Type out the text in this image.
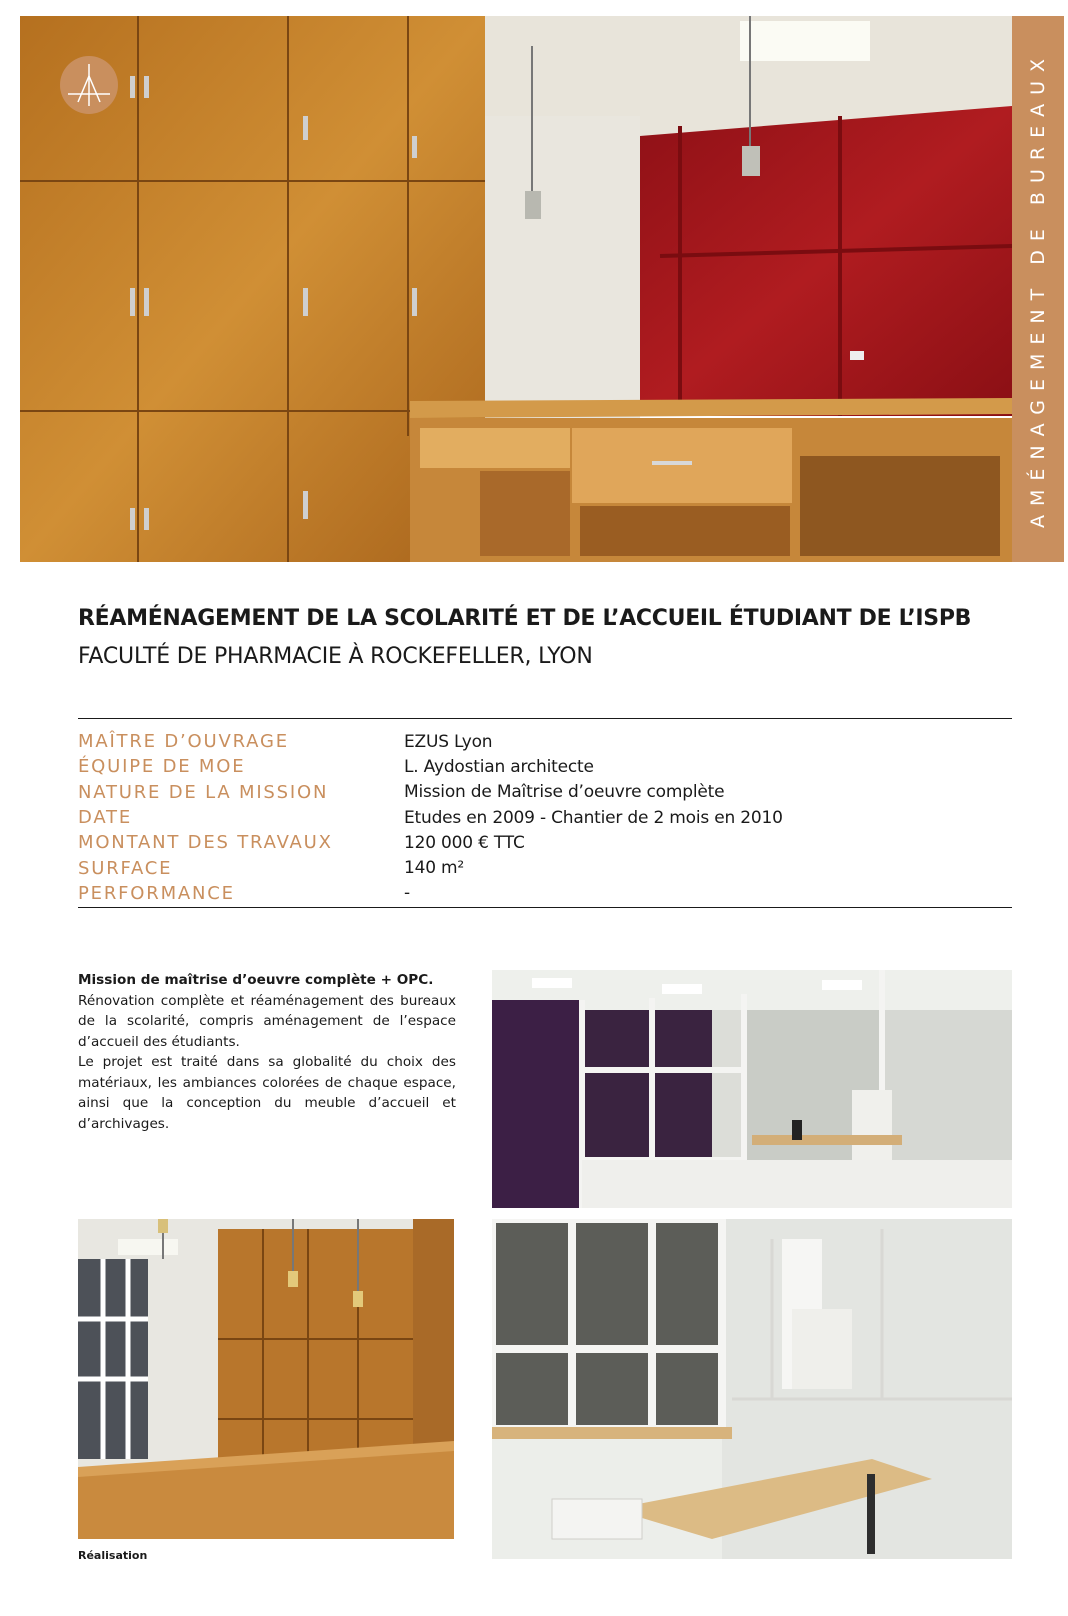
AMÉNAGEMENT DE BUREAUX
RÉAMÉNAGEMENT DE LA SCOLARITÉ ET DE L’ACCUEIL ÉTUDIANT DE L’ISPB
FACULTÉ DE PHARMACIE À ROCKEFELLER, LYON
MAÎTRE D’OUVRAGE	EZUS Lyon
ÉQUIPE DE MOE	L. Aydostian architecte
NATURE DE LA MISSION	Mission de Maîtrise d’oeuvre complète
DATE	Etudes en 2009 - Chantier de 2 mois en 2010
MONTANT DES TRAVAUX	120 000 € TTC
SURFACE	140 m²
PERFORMANCE	-

Mission de maîtrise d’oeuvre complète + OPC.

Rénovation complète et réaménagement des bureaux de la scolarité, compris aménagement de l’espace d’accueil des étudiants.

Le projet est traité dans sa globalité du choix des matériaux, les ambiances colorées de chaque espace, ainsi que la conception du meuble d’accueil et d’archivages.

Réalisation
